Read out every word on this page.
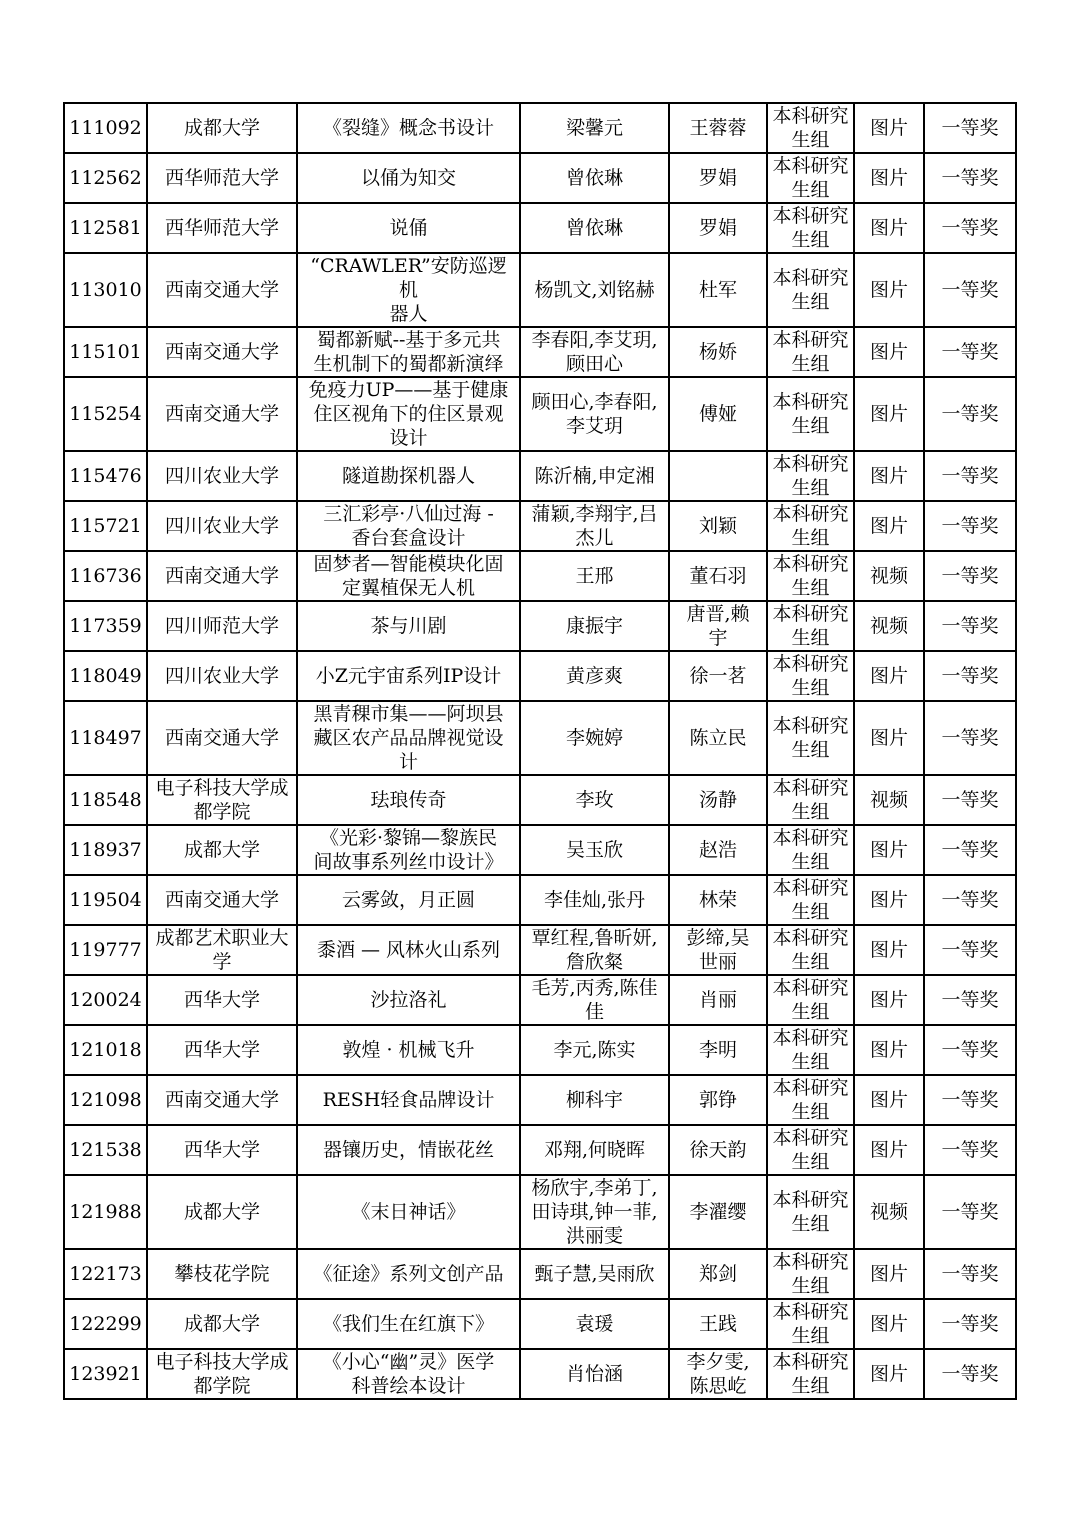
111092	成都大学	《裂缝》概念书设计	梁馨元	王蓉蓉	本科研究
生组	图片	一等奖
112562	西华师范大学	以俑为知交	曾依琳	罗娟	本科研究
生组	图片	一等奖
112581	西华师范大学	说俑	曾依琳	罗娟	本科研究
生组	图片	一等奖
113010	西南交通大学	“CRAWLER”安防巡逻机
器人	杨凯文,刘铭赫	杜军	本科研究
生组	图片	一等奖
115101	西南交通大学	蜀都新赋--基于多元共
生机制下的蜀都新演绎	李春阳,李艾玥,
顾田心	杨娇	本科研究
生组	图片	一等奖
115254	西南交通大学	免疫力UP——基于健康
住区视角下的住区景观
设计	顾田心,李春阳,
李艾玥	傅娅	本科研究
生组	图片	一等奖
115476	四川农业大学	隧道勘探机器人	陈沂楠,申定湘		本科研究
生组	图片	一等奖
115721	四川农业大学	三汇彩亭·八仙过海 -
香台套盒设计	蒲颖,李翔宇,吕
杰儿	刘颖	本科研究
生组	图片	一等奖
116736	西南交通大学	固梦者—智能模块化固
定翼植保无人机	王邢	董石羽	本科研究
生组	视频	一等奖
117359	四川师范大学	茶与川剧	康振宇	唐晋,赖
宇	本科研究
生组	视频	一等奖
118049	四川农业大学	小Z元宇宙系列IP设计	黄彦爽	徐一茗	本科研究
生组	图片	一等奖
118497	西南交通大学	黑青稞市集——阿坝县
藏区农产品品牌视觉设
计	李婉婷	陈立民	本科研究
生组	图片	一等奖
118548	电子科技大学成
都学院	珐琅传奇	李玫	汤静	本科研究
生组	视频	一等奖
118937	成都大学	《光彩·黎锦—黎族民
间故事系列丝巾设计》	吴玉欣	赵浩	本科研究
生组	图片	一等奖
119504	西南交通大学	云雾敛，月正圆	李佳灿,张丹	林荣	本科研究
生组	图片	一等奖
119777	成都艺术职业大
学	黍酒 — 风林火山系列	覃红程,鲁昕妍,
詹欣粲	彭缔,吴
世丽	本科研究
生组	图片	一等奖
120024	西华大学	沙拉洛礼	毛芳,丙秀,陈佳
佳	肖丽	本科研究
生组	图片	一等奖
121018	西华大学	敦煌 · 机械飞升	李元,陈实	李明	本科研究
生组	图片	一等奖
121098	西南交通大学	RESH轻食品牌设计	柳科宇	郭铮	本科研究
生组	图片	一等奖
121538	西华大学	器镶历史，情嵌花丝	邓翔,何晓晖	徐天韵	本科研究
生组	图片	一等奖
121988	成都大学	《末日神话》	杨欣宇,李弟丁,
田诗琪,钟一菲,
洪丽雯	李濯缨	本科研究
生组	视频	一等奖
122173	攀枝花学院	《征途》系列文创产品	甄子慧,吴雨欣	郑剑	本科研究
生组	图片	一等奖
122299	成都大学	《我们生在红旗下》	袁瑗	王践	本科研究
生组	图片	一等奖
123921	电子科技大学成
都学院	《小心“幽”灵》医学
科普绘本设计	肖怡涵	李夕雯,
陈思屹	本科研究
生组	图片	一等奖
